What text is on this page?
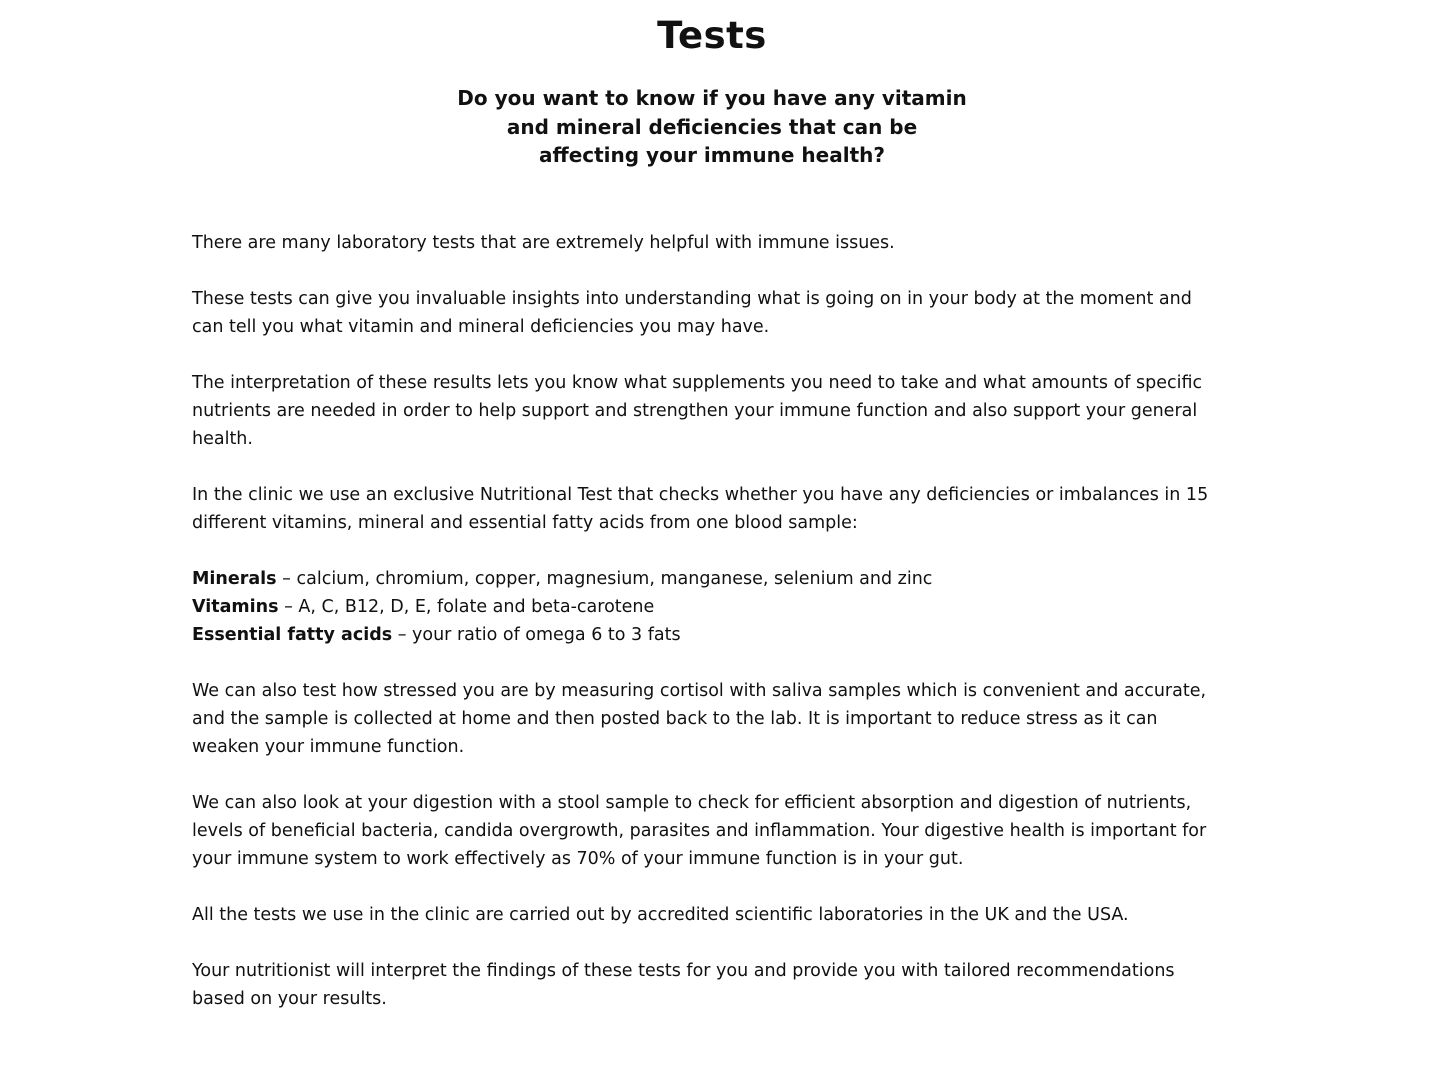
Tests
Do you want to know if you have any vitamin
and mineral deficiencies that can be
affecting your immune health?

There are many laboratory tests that are extremely helpful with immune issues.

These tests can give you invaluable insights into understanding what is going on in your body at the moment and can tell you what vitamin and mineral deficiencies you may have.

The interpretation of these results lets you know what supplements you need to take and what amounts of specific nutrients are needed in order to help support and strengthen your immune function and also support your general health.

In the clinic we use an exclusive Nutritional Test that checks whether you have any deficiencies or imbalances in 15 different vitamins, mineral and essential fatty acids from one blood sample:

Minerals – calcium, chromium, copper, magnesium, manganese, selenium and zinc

Vitamins – A, C, B12, D, E, folate and beta-carotene

Essential fatty acids – your ratio of omega 6 to 3 fats

We can also test how stressed you are by measuring cortisol with saliva samples which is convenient and accurate, and the sample is collected at home and then posted back to the lab. It is important to reduce stress as it can weaken your immune function.

We can also look at your digestion with a stool sample to check for efficient absorption and digestion of nutrients, levels of beneficial bacteria, candida overgrowth, parasites and inflammation. Your digestive health is important for your immune system to work effectively as 70% of your immune function is in your gut.

All the tests we use in the clinic are carried out by accredited scientific laboratories in the UK and the USA.

Your nutritionist will interpret the findings of these tests for you and provide you with tailored recommendations based on your results.
